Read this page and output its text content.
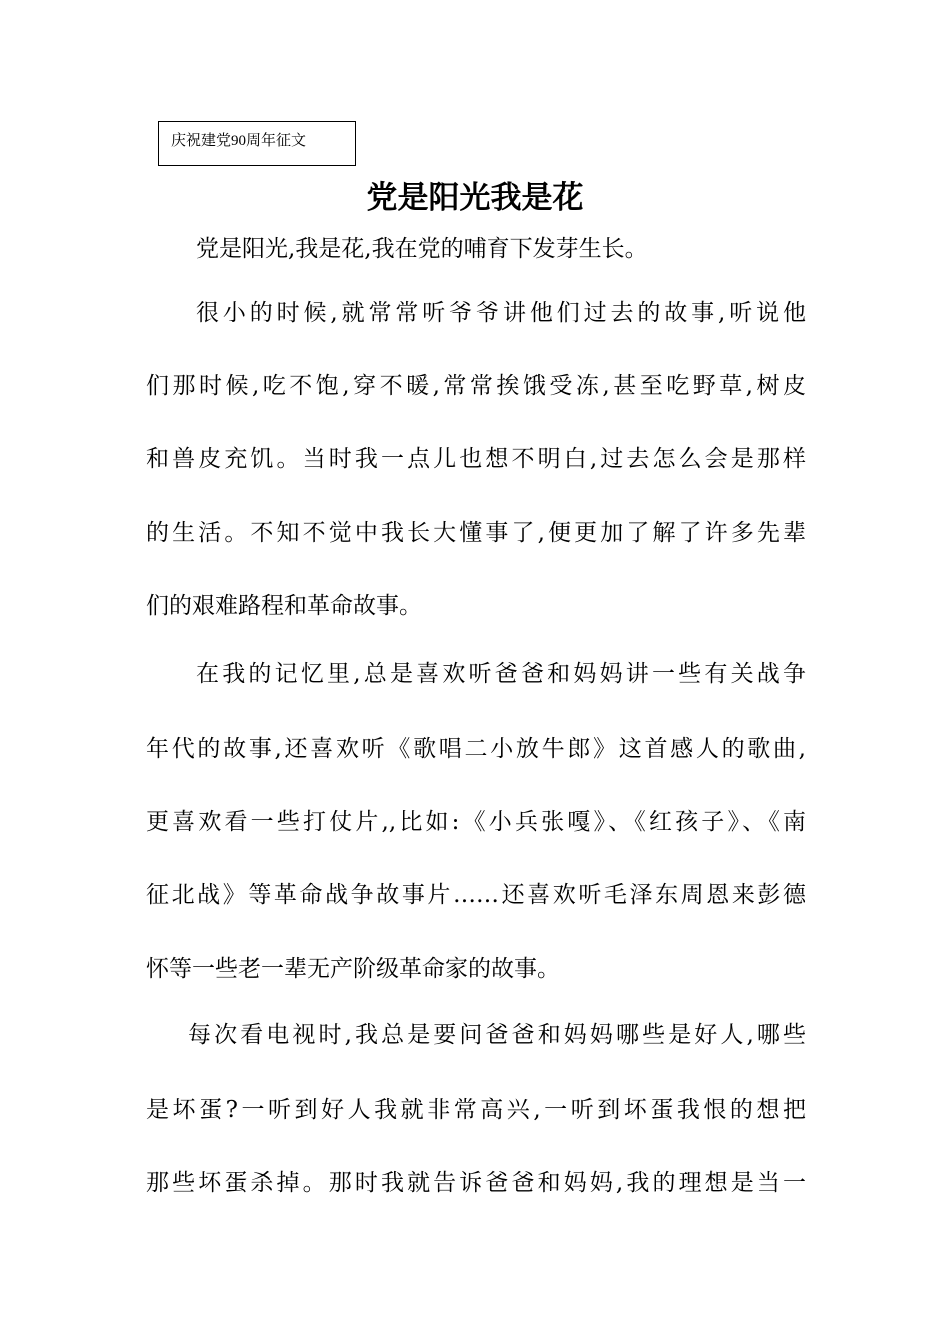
庆祝建党90周年征文
党是阳光我是花
党是阳光,我是花,我在党的哺育下发芽生长。
很小的时候,就常常听爷爷讲他们过去的故事,听说他
们那时候,吃不饱,穿不暖,常常挨饿受冻,甚至吃野草,树皮
和兽皮充饥。当时我一点儿也想不明白,过去怎么会是那样
的生活。不知不觉中我长大懂事了,便更加了解了许多先辈
们的艰难路程和革命故事。
在我的记忆里,总是喜欢听爸爸和妈妈讲一些有关战争
年代的故事,还喜欢听《歌唱二小放牛郎》这首感人的歌曲,
更喜欢看一些打仗片,,比如:《小兵张嘎》、《红孩子》、《南
征北战》等革命战争故事片……还喜欢听毛泽东周恩来彭德
怀等一些老一辈无产阶级革命家的故事。
每次看电视时,我总是要问爸爸和妈妈哪些是好人,哪些
是坏蛋?一听到好人我就非常高兴,一听到坏蛋我恨的想把
那些坏蛋杀掉。那时我就告诉爸爸和妈妈,我的理想是当一
